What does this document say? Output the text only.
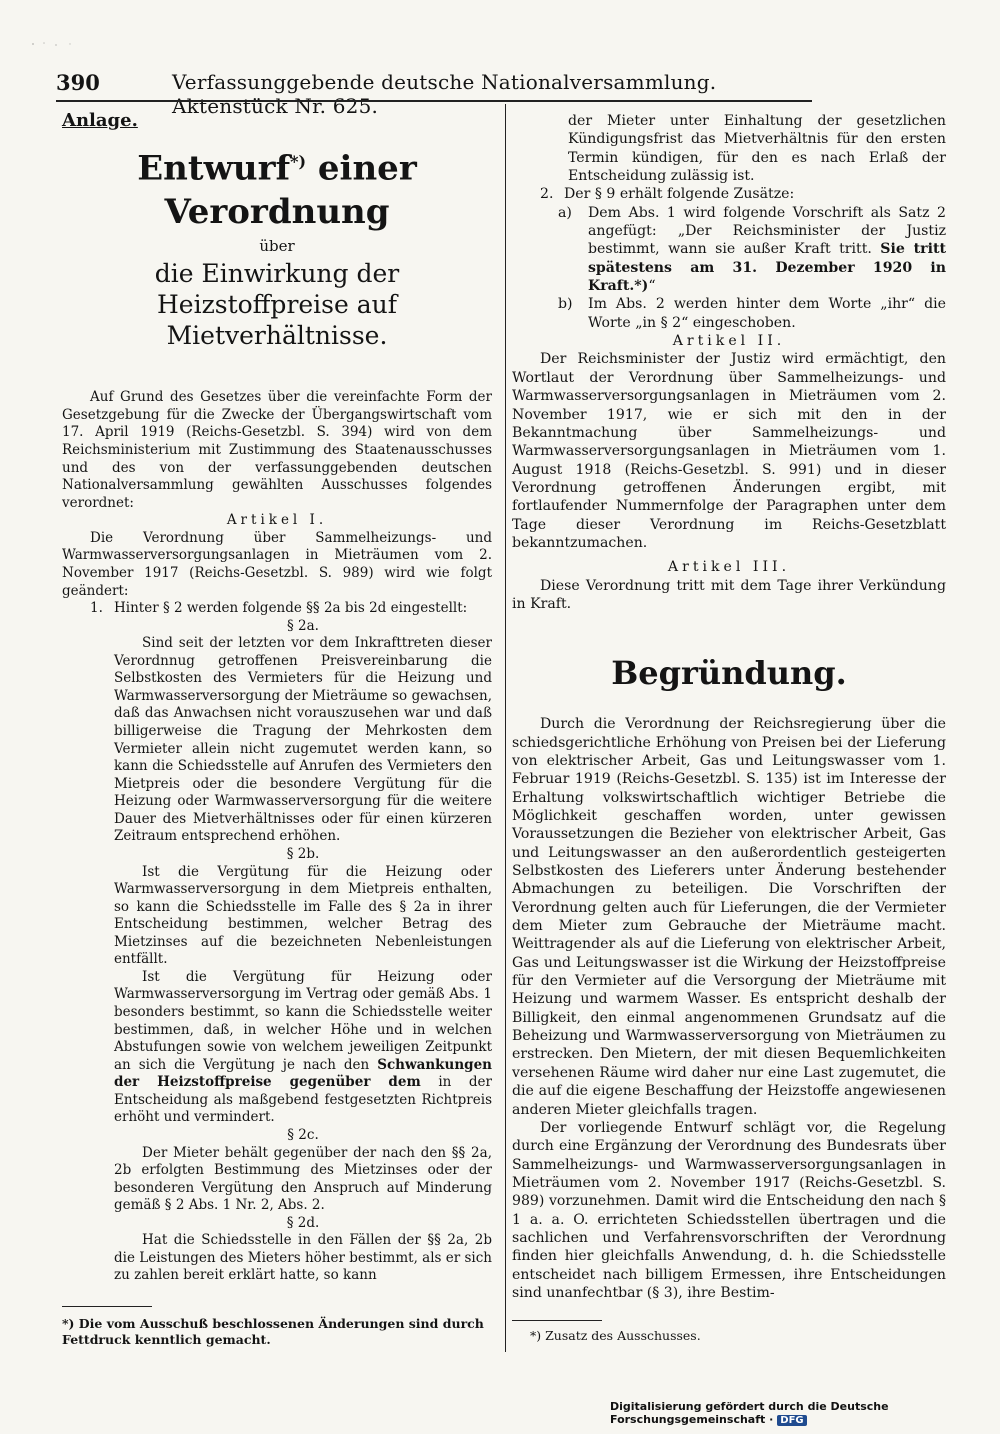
390	Verfassunggebende deutsche Nationalversammlung. Aktenstück Nr. 625.

Anlage.

Entwurf*) einer Verordnung

über

die Einwirkung der Heizstoffpreise auf Mietverhältnisse.

Auf Grund des Gesetzes über die vereinfachte Form der Gesetzgebung für die Zwecke der Übergangswirtschaft vom 17. April 1919 (Reichs-Gesetzbl. S. 394) wird von dem Reichsministerium mit Zustimmung des Staatenausschusses und des von der verfassunggebenden deutschen Nationalversammlung gewählten Ausschusses folgendes verordnet:

Artikel I.

Die Verordnung über Sammelheizungs- und Warmwasserversorgungsanlagen in Mieträumen vom 2. November 1917 (Reichs-Gesetzbl. S. 989) wird wie folgt geändert:

1. Hinter § 2 werden folgende §§ 2a bis 2d eingestellt:

§ 2a.

Sind seit der letzten vor dem Inkrafttreten dieser Verordnnug getroffenen Preisvereinbarung die Selbstkosten des Vermieters für die Heizung und Warmwasserversorgung der Mieträume so gewachsen, daß das Anwachsen nicht vorauszusehen war und daß billigerweise die Tragung der Mehrkosten dem Vermieter allein nicht zugemutet werden kann, so kann die Schiedsstelle auf Anrufen des Vermieters den Mietpreis oder die besondere Vergütung für die Heizung oder Warmwasserversorgung für die weitere Dauer des Mietverhältnisses oder für einen kürzeren Zeitraum entsprechend erhöhen.

§ 2b.

Ist die Vergütung für die Heizung oder Warmwasserversorgung in dem Mietpreis enthalten, so kann die Schiedsstelle im Falle des § 2a in ihrer Entscheidung bestimmen, welcher Betrag des Mietzinses auf die bezeichneten Nebenleistungen entfällt.

Ist die Vergütung für Heizung oder Warmwasserversorgung im Vertrag oder gemäß Abs. 1 besonders bestimmt, so kann die Schiedsstelle weiter bestimmen, daß, in welcher Höhe und in welchen Abstufungen sowie von welchem jeweiligen Zeitpunkt an sich die Vergütung je nach den Schwankungen der Heizstoffpreise gegenüber dem in der Entscheidung als maßgebend festgesetzten Richtpreis erhöht und vermindert.

§ 2c.

Der Mieter behält gegenüber der nach den §§ 2a, 2b erfolgten Bestimmung des Mietzinses oder der besonderen Vergütung den Anspruch auf Minderung gemäß § 2 Abs. 1 Nr. 2, Abs. 2.

§ 2d.

Hat die Schiedsstelle in den Fällen der §§ 2a, 2b die Leistungen des Mieters höher bestimmt, als er sich zu zahlen bereit erklärt hatte, so kann

*) Die vom Ausschuß beschlossenen Änderungen sind durch Fettdruck kenntlich gemacht.

der Mieter unter Einhaltung der gesetzlichen Kündigungsfrist das Mietverhältnis für den ersten Termin kündigen, für den es nach Erlaß der Entscheidung zulässig ist.

2. Der § 9 erhält folgende Zusätze:
a)	Dem Abs. 1 wird folgende Vorschrift als Satz 2 angefügt: „Der Reichsminister der Justiz bestimmt, wann sie außer Kraft tritt. Sie tritt spätestens am 31. Dezember 1920 in Kraft.*)“
b)	Im Abs. 2 werden hinter dem Worte „ihr“ die Worte „in § 2“ eingeschoben.

Artikel II.

Der Reichsminister der Justiz wird ermächtigt, den Wortlaut der Verordnung über Sammelheizungs- und Warmwasserversorgungsanlagen in Mieträumen vom 2. November 1917, wie er sich mit den in der Bekanntmachung über Sammelheizungs- und Warmwasserversorgungsanlagen in Mieträumen vom 1. August 1918 (Reichs-Gesetzbl. S. 991) und in dieser Verordnung getroffenen Änderungen ergibt, mit fortlaufender Nummernfolge der Paragraphen unter dem Tage dieser Verordnung im Reichs-Gesetzblatt bekanntzumachen.

Artikel III.

Diese Verordnung tritt mit dem Tage ihrer Verkündung in Kraft.

Begründung.

Durch die Verordnung der Reichsregierung über die schiedsgerichtliche Erhöhung von Preisen bei der Lieferung von elektrischer Arbeit, Gas und Leitungswasser vom 1. Februar 1919 (Reichs-Gesetzbl. S. 135) ist im Interesse der Erhaltung volkswirtschaftlich wichtiger Betriebe die Möglichkeit geschaffen worden, unter gewissen Voraussetzungen die Bezieher von elektrischer Arbeit, Gas und Leitungswasser an den außerordentlich gesteigerten Selbstkosten des Lieferers unter Änderung bestehender Abmachungen zu beteiligen. Die Vorschriften der Verordnung gelten auch für Lieferungen, die der Vermieter dem Mieter zum Gebrauche der Mieträume macht. Weittragender als auf die Lieferung von elektrischer Arbeit, Gas und Leitungswasser ist die Wirkung der Heizstoffpreise für den Vermieter auf die Versorgung der Mieträume mit Heizung und warmem Wasser. Es entspricht deshalb der Billigkeit, den einmal angenommenen Grundsatz auf die Beheizung und Warmwasserversorgung von Mieträumen zu erstrecken. Den Mietern, der mit diesen Bequemlichkeiten versehenen Räume wird daher nur eine Last zugemutet, die die auf die eigene Beschaffung der Heizstoffe angewiesenen anderen Mieter gleichfalls tragen.

Der vorliegende Entwurf schlägt vor, die Regelung durch eine Ergänzung der Verordnung des Bundesrats über Sammelheizungs- und Warmwasserversorgungsanlagen in Mieträumen vom 2. November 1917 (Reichs-Gesetzbl. S. 989) vorzunehmen. Damit wird die Entscheidung den nach § 1 a. a. O. errichteten Schiedsstellen übertragen und die sachlichen und Verfahrensvorschriften der Verordnung finden hier gleichfalls Anwendung, d. h. die Schiedsstelle entscheidet nach billigem Ermessen, ihre Entscheidungen sind unanfechtbar (§ 3), ihre Bestim-

*) Zusatz des Ausschusses.

Digitalisierung gefördert durch die Deutsche Forschungsgemeinschaft · DFG
